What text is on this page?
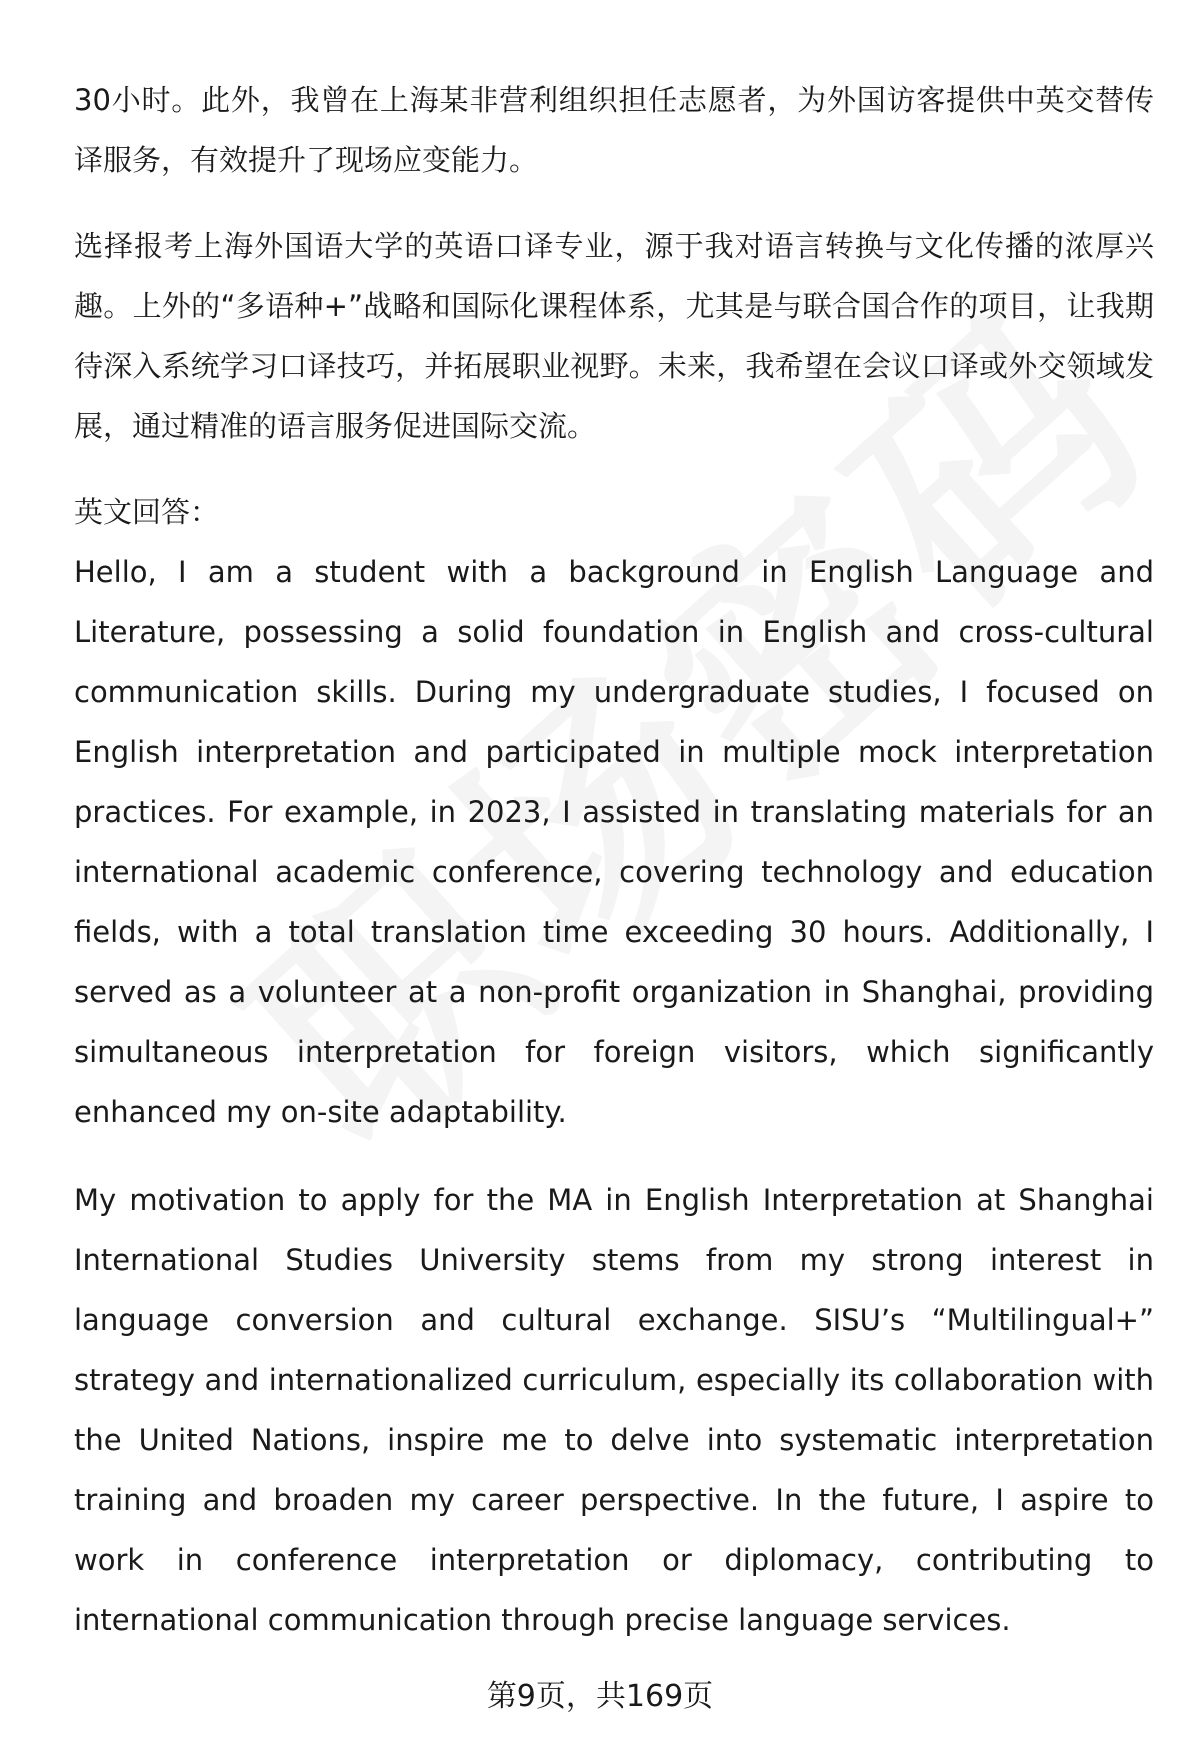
30小时。此外，我曾在上海某非营利组织担任志愿者，为外国访客提供中英交替传译服务，有效提升了现场应变能力。

选择报考上海外国语大学的英语口译专业，源于我对语言转换与文化传播的浓厚兴趣。上外的“多语种+”战略和国际化课程体系，尤其是与联合国合作的项目，让我期待深入系统学习口译技巧，并拓展职业视野。未来，我希望在会议口译或外交领域发展，通过精准的语言服务促进国际交流。

英文回答：

Hello, I am a student with a background in English Language and Literature, possessing a solid foundation in English and cross-cultural communication skills. During my undergraduate studies, I focused on English interpretation and participated in multiple mock interpretation practices. For example, in 2023, I assisted in translating materials for an international academic conference, covering technology and education fields, with a total translation time exceeding 30 hours. Additionally, I served as a volunteer at a non-profit organization in Shanghai, providing simultaneous interpretation for foreign visitors, which significantly enhanced my on-site adaptability.

My motivation to apply for the MA in English Interpretation at Shanghai International Studies University stems from my strong interest in language conversion and cultural exchange. SISU’s “Multilingual+” strategy and internationalized curriculum, especially its collaboration with the United Nations, inspire me to delve into systematic interpretation training and broaden my career perspective. In the future, I aspire to work in conference interpretation or diplomacy, contributing to international communication through precise language services.

第9页，共169页
